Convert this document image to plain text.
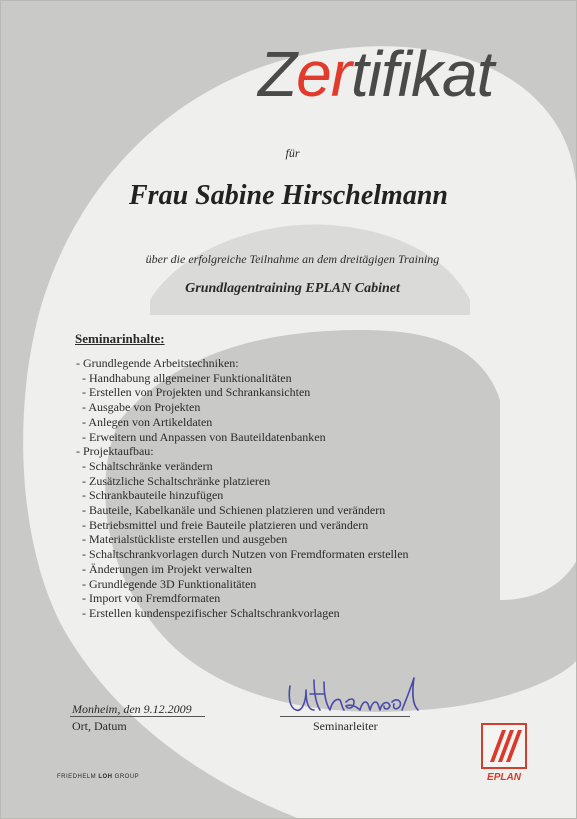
Zertifikat
für
Frau Sabine Hirschelmann
über die erfolgreiche Teilnahme an dem dreitägigen Training
Grundlagentraining EPLAN Cabinet
Seminarinhalte:
- Grundlegende Arbeitstechniken:
- Handhabung allgemeiner Funktionalitäten
- Erstellen von Projekten und Schrankansichten
- Ausgabe von Projekten
- Anlegen von Artikeldaten
- Erweitern und Anpassen von Bauteildatenbanken
- Projektaufbau:
- Schaltschränke verändern
- Zusätzliche Schaltschränke platzieren
- Schrankbauteile hinzufügen
- Bauteile, Kabelkanäle und Schienen platzieren und verändern
- Betriebsmittel und freie Bauteile platzieren und verändern
- Materialstückliste erstellen und ausgeben
- Schaltschrankvorlagen durch Nutzen von Fremdformaten erstellen
- Änderungen im Projekt verwalten
- Grundlegende 3D Funktionalitäten
- Import von Fremdformaten
- Erstellen kundenspezifischer Schaltschrankvorlagen
Monheim, den 9.12.2009
Ort, Datum	Seminarleiter
FRIEDHELM LOH GROUP	EPLAN
